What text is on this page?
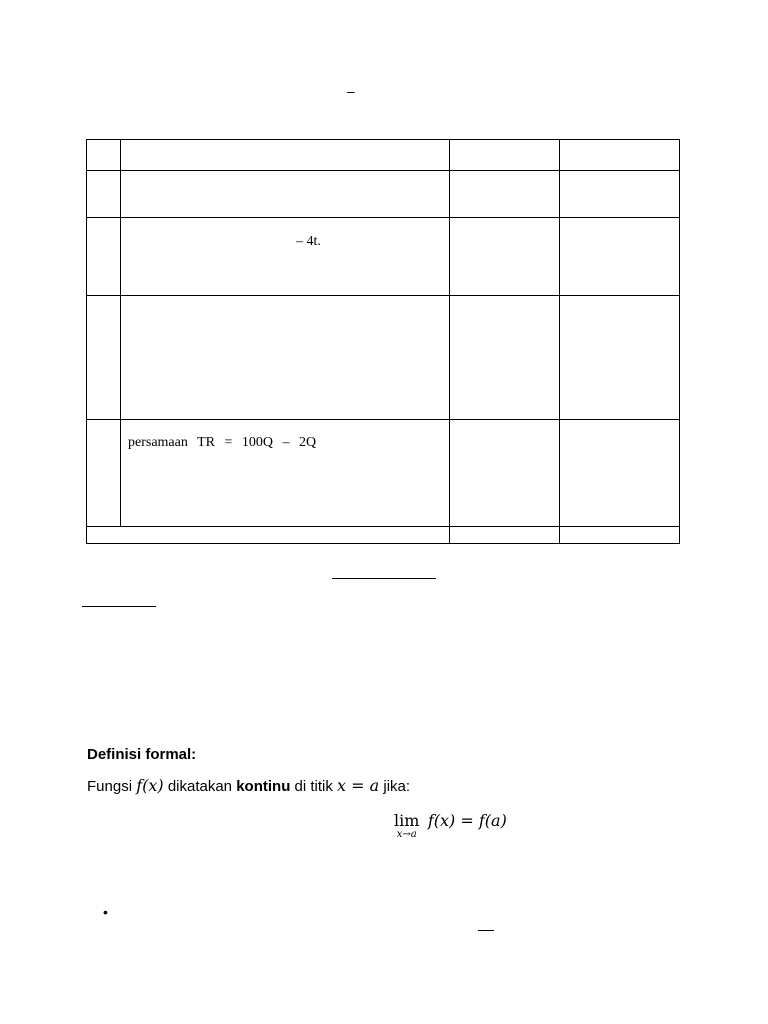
–

– 4t.
persamaan TR = 100Q – 2Q
Definisi formal:
Fungsi f(x) dikatakan kontinu di titik x = a jika:
lim
x→a
f(x) = f(a)
•
